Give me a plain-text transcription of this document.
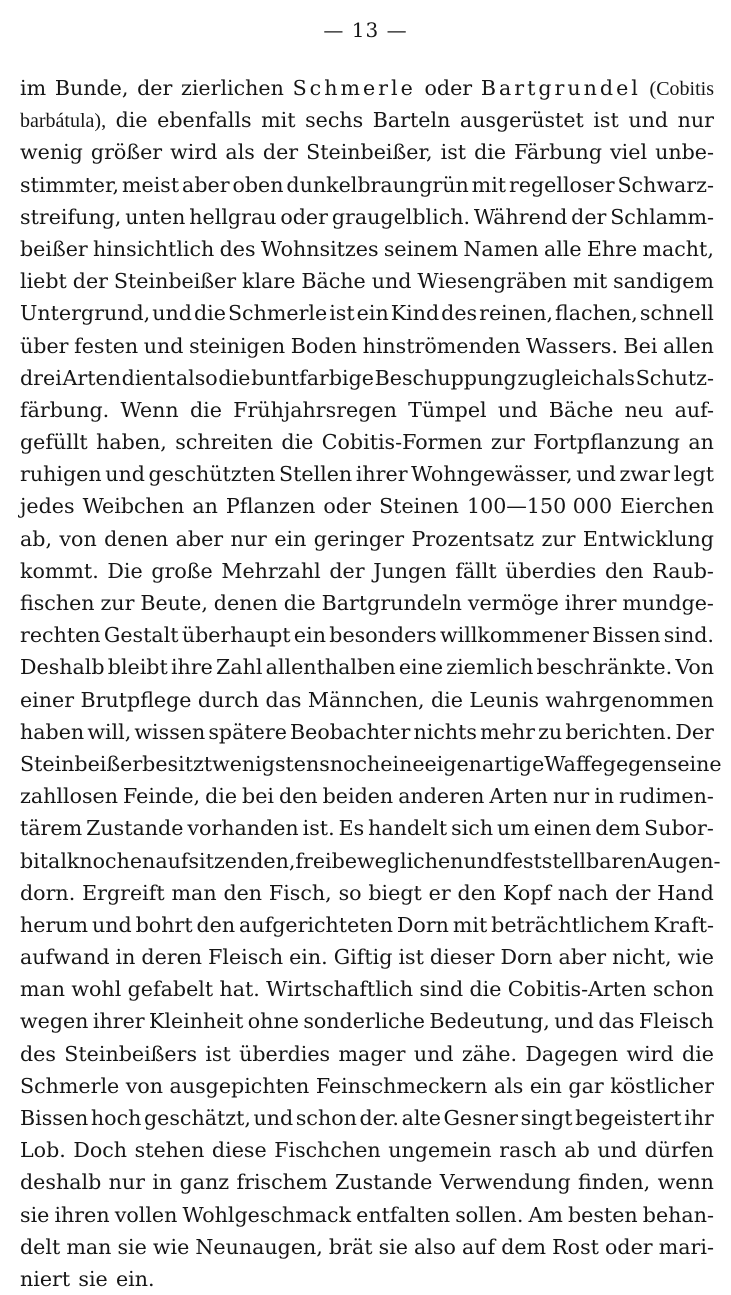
— 13 —
im Bunde, der zierlichen Schmerle oder Bartgrundel (Cobitis
barbátula), die ebenfalls mit sechs Barteln ausgerüstet ist und nur
wenig größer wird als der Steinbeißer, ist die Färbung viel unbe-
stimmter, meist aber oben dunkelbraungrün mit regelloser Schwarz-
streifung, unten hellgrau oder graugelblich. Während der Schlamm-
beißer hinsichtlich des Wohnsitzes seinem Namen alle Ehre macht,
liebt der Steinbeißer klare Bäche und Wiesengräben mit sandigem
Untergrund, und die Schmerle ist ein Kind des reinen, flachen, schnell
über festen und steinigen Boden hinströmenden Wassers. Bei allen
drei Arten dient also die buntfarbige Beschuppung zugleich als Schutz-
färbung. Wenn die Frühjahrsregen Tümpel und Bäche neu auf-
gefüllt haben, schreiten die Cobitis-Formen zur Fortpflanzung an
ruhigen und geschützten Stellen ihrer Wohngewässer, und zwar legt
jedes Weibchen an Pflanzen oder Steinen 100—150 000 Eierchen
ab, von denen aber nur ein geringer Prozentsatz zur Entwicklung
kommt. Die große Mehrzahl der Jungen fällt überdies den Raub-
fischen zur Beute, denen die Bartgrundeln vermöge ihrer mundge-
rechten Gestalt überhaupt ein besonders willkommener Bissen sind.
Deshalb bleibt ihre Zahl allenthalben eine ziemlich beschränkte. Von
einer Brutpflege durch das Männchen, die Leunis wahrgenommen
haben will, wissen spätere Beobachter nichts mehr zu berichten. Der
Steinbeißer besitzt wenigstens noch eine eigenartige Waffe gegen seine
zahllosen Feinde, die bei den beiden anderen Arten nur in rudimen-
tärem Zustande vorhanden ist. Es handelt sich um einen dem Subor-
bitalknochen aufsitzenden, frei beweglichen und feststellbaren Augen-
dorn. Ergreift man den Fisch, so biegt er den Kopf nach der Hand
herum und bohrt den aufgerichteten Dorn mit beträchtlichem Kraft-
aufwand in deren Fleisch ein. Giftig ist dieser Dorn aber nicht, wie
man wohl gefabelt hat. Wirtschaftlich sind die Cobitis-Arten schon
wegen ihrer Kleinheit ohne sonderliche Bedeutung, und das Fleisch
des Steinbeißers ist überdies mager und zähe. Dagegen wird die
Schmerle von ausgepichten Feinschmeckern als ein gar köstlicher
Bissen hoch geschätzt, und schon der. alte Gesner singt begeistert ihr
Lob. Doch stehen diese Fischchen ungemein rasch ab und dürfen
deshalb nur in ganz frischem Zustande Verwendung finden, wenn
sie ihren vollen Wohlgeschmack entfalten sollen. Am besten behan-
delt man sie wie Neunaugen, brät sie also auf dem Rost oder mari-
niert sie ein.
